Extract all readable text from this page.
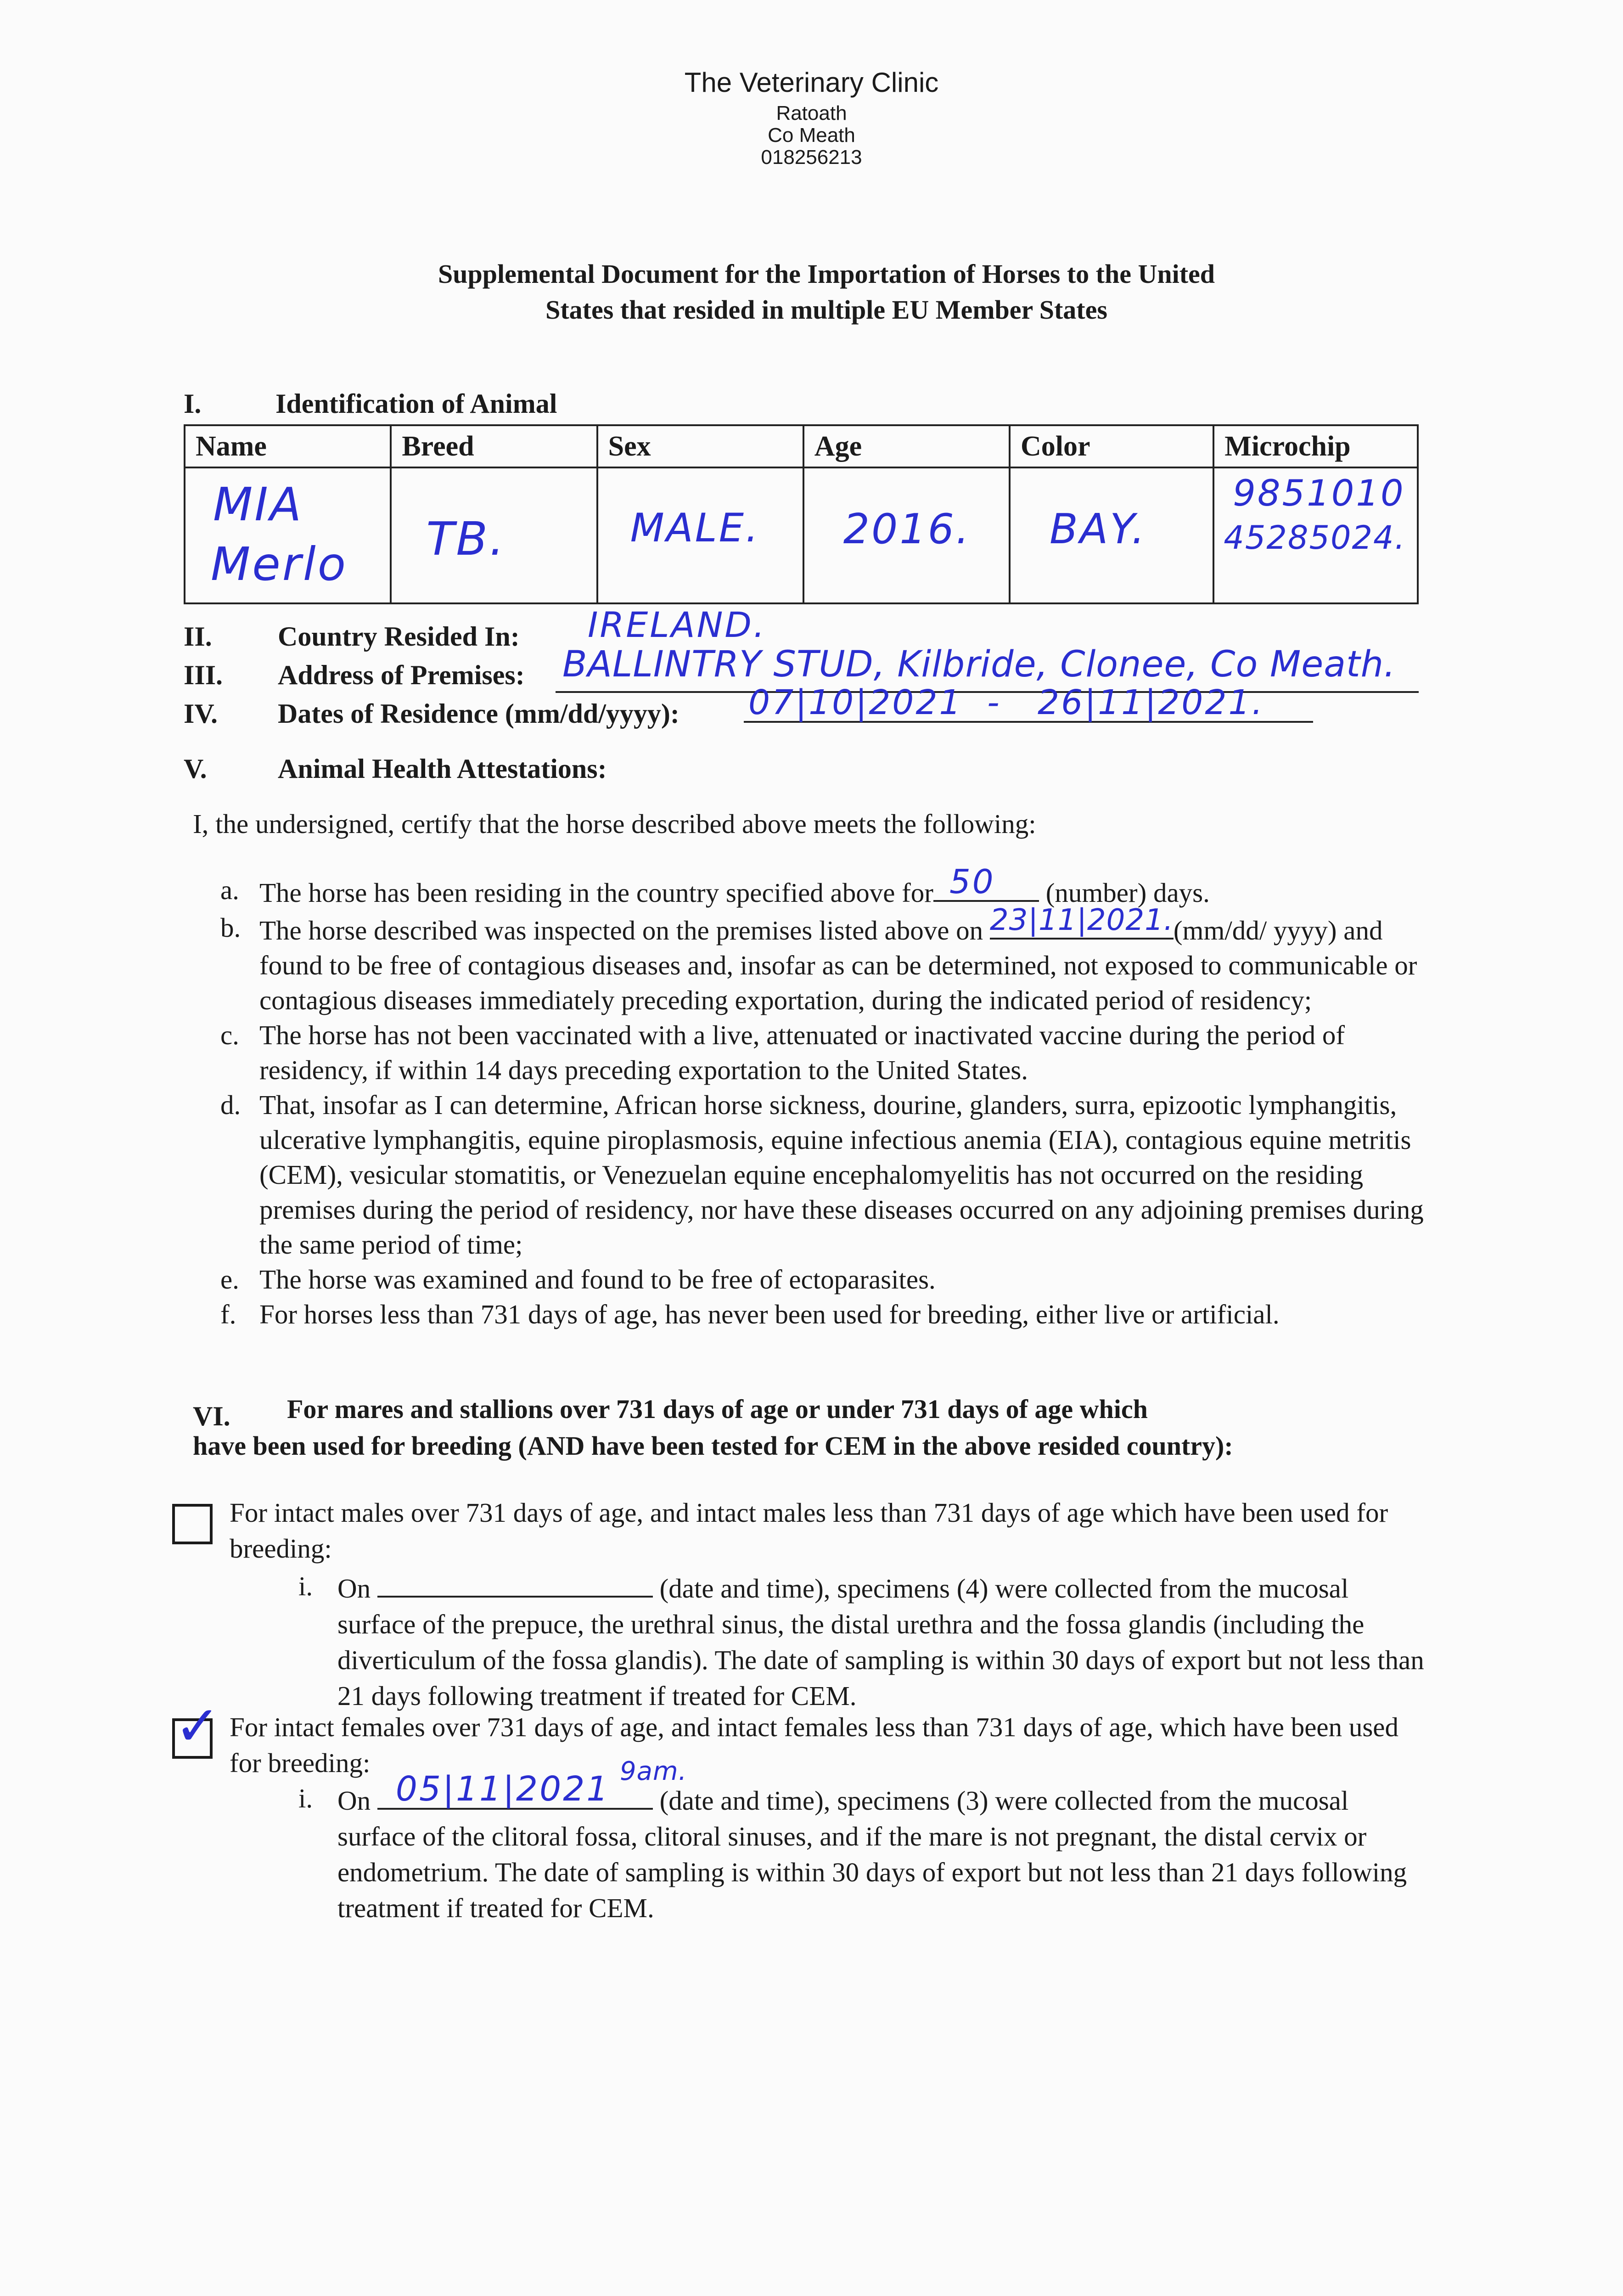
The Veterinary Clinic
Ratoath
Co Meath
018256213
Supplemental Document for the Importation of Horses to the United
States that resided in multiple EU Member States
I.	Identification of Animal
Name	Breed	Sex	Age	Color	Microchip

MIA
Merlo	TB.	MALE.	2016.	BAY.	9851010
45285024.
II. Country Resided In: IRELAND.
III. Address of Premises: BALLINTRY STUD, Kilbride, Clonee, Co Meath.
IV. Dates of Residence (mm/dd/yyyy): 07|10|2021 - 26|11|2021.
V.	Animal Health Attestations:
I, the undersigned, certify that the horse described above meets the following:
a. The horse has been residing in the country specified above for 50 (number) days.
b. The horse described was inspected on the premises listed above on 23|11|2021. (mm/dd/ yyyy) and found to be free of contagious diseases and, insofar as can be determined, not exposed to communicable or contagious diseases immediately preceding exportation, during the indicated period of residency;
c. The horse has not been vaccinated with a live, attenuated or inactivated vaccine during the period of residency, if within 14 days preceding exportation to the United States.
d. That, insofar as I can determine, African horse sickness, dourine, glanders, surra, epizootic lymphangitis, ulcerative lymphangitis, equine piroplasmosis, equine infectious anemia (EIA), contagious equine metritis (CEM), vesicular stomatitis, or Venezuelan equine encephalomyelitis has not occurred on the residing premises during the period of residency, nor have these diseases occurred on any adjoining premises during the same period of time;
e. The horse was examined and found to be free of ectoparasites.
f. For horses less than 731 days of age, has never been used for breeding, either live or artificial.
VI. For mares and stallions over 731 days of age or under 731 days of age which
have been used for breeding (AND have been tested for CEM in the above resided country):
For intact males over 731 days of age, and intact males less than 731 days of age which have been used for breeding:
i. On	(date and time), specimens (4) were collected from the mucosal surface of the prepuce, the urethral sinus, the distal urethra and the fossa glandis (including the diverticulum of the fossa glandis). The date of sampling is within 30 days of export but not less than 21 days following treatment if treated for CEM.
✓ For intact females over 731 days of age, and intact females less than 731 days of age, which have been used for breeding:	9am.
i. On 05|11|2021 (date and time), specimens (3) were collected from the mucosal surface of the clitoral fossa, clitoral sinuses, and if the mare is not pregnant, the distal cervix or endometrium. The date of sampling is within 30 days of export but not less than 21 days following treatment if treated for CEM.
